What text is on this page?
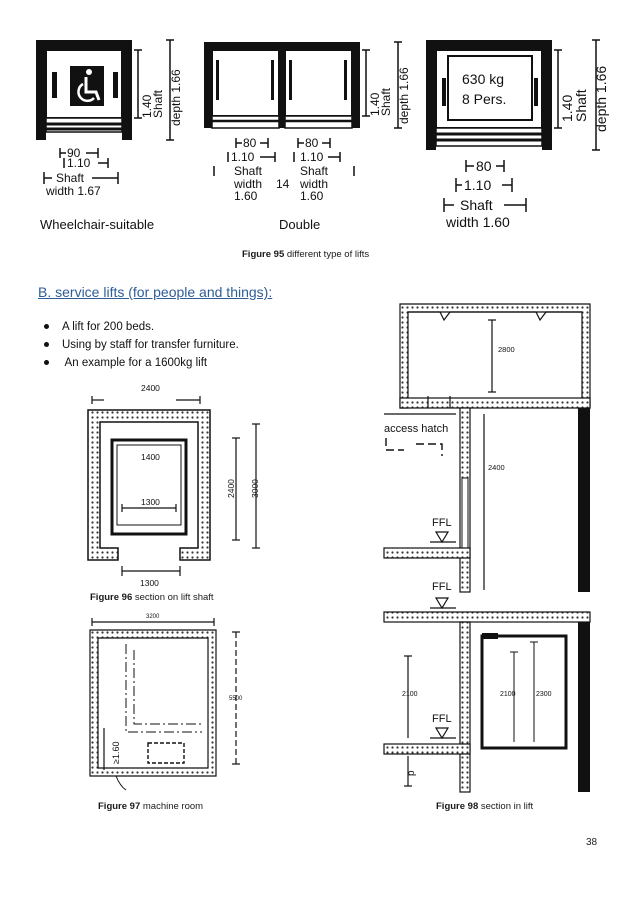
1.40
Shaft depth 1.66
90
1.10
Shaft
width 1.67
Wheelchair-suitable
1.40
Shaft depth 1.66
80
1.10
Shaft
width
1.60
14
80
1.10
Shaft
width
1.60
Double
630 kg
8 Pers.	1.40
Shaft depth 1.66
80
1.10
Shaft
width 1.60
Figure 95 different type of lifts
B. service lifts (for people and things):
A lift for 200 beds.
Using by staff for transfer furniture.
An example for a 1600kg lift
2400
1400
1300
2400 3000
1300
Figure 96 section on lift shaft
3200
5500
≥1.60
Figure 97 machine room
2800
access hatch
2400
FFL
FFL
2100	2300
2100
FFL
p
Figure 98 section in lift
38
